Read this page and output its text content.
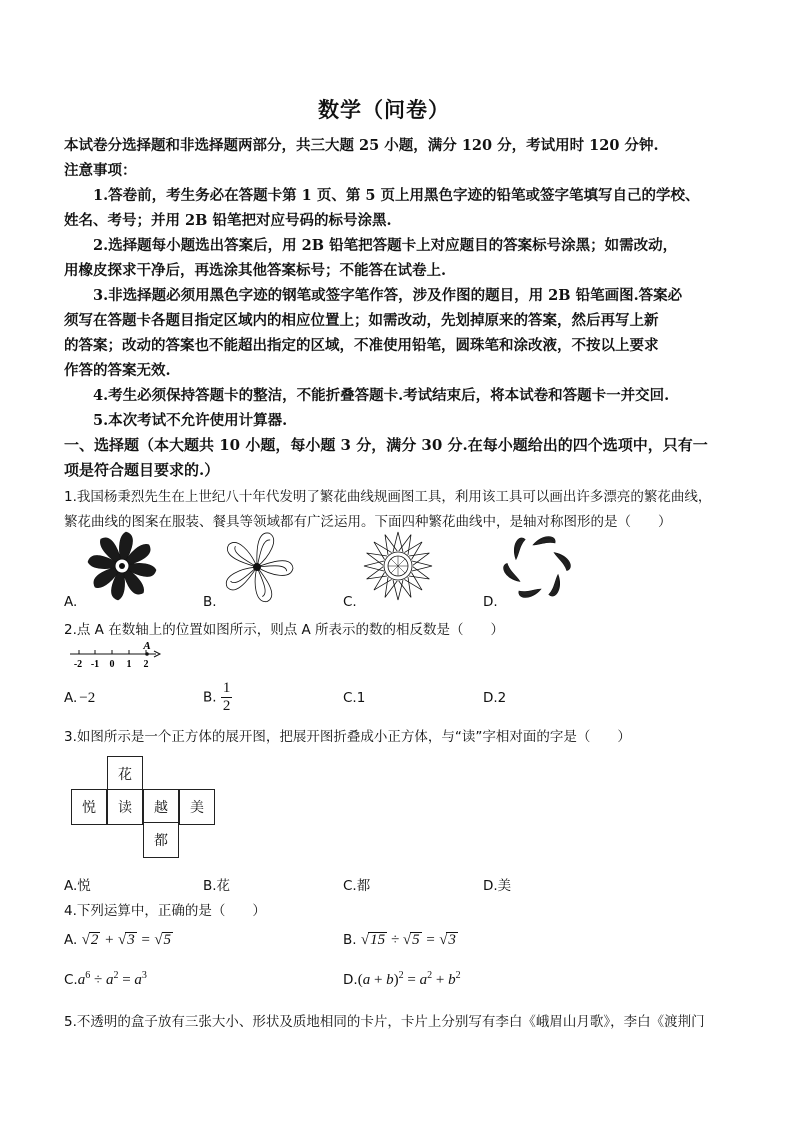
数学（问卷）
本试卷分选择题和非选择题两部分，共三大题 25 小题，满分 120 分，考试用时 120 分钟.
注意事项：
1.答卷前，考生务必在答题卡第 1 页、第 5 页上用黑色字迹的铅笔或签字笔填写自己的学校、
姓名、考号；并用 2B 铅笔把对应号码的标号涂黑.
2.选择题每小题选出答案后，用 2B 铅笔把答题卡上对应题目的答案标号涂黑；如需改动，
用橡皮探求干净后，再选涂其他答案标号；不能答在试卷上.
3.非选择题必须用黑色字迹的钢笔或签字笔作答，涉及作图的题目，用 2B 铅笔画图.答案必
须写在答题卡各题目指定区域内的相应位置上；如需改动，先划掉原来的答案，然后再写上新
的答案；改动的答案也不能超出指定的区域，不准使用铅笔，圆珠笔和涂改液，不按以上要求
作答的答案无效.
4.考生必须保持答题卡的整洁，不能折叠答题卡.考试结束后，将本试卷和答题卡一并交回.
5.本次考试不允许使用计算器.
一、选择题（本大题共 10 小题，每小题 3 分，满分 30 分.在每小题给出的四个选项中，只有一
项是符合题目要求的.）
1.我国杨秉烈先生在上世纪八十年代发明了繁花曲线规画图工具，利用该工具可以画出许多漂亮的繁花曲线，
繁花曲线的图案在服装、餐具等领域都有广泛运用。下面四种繁花曲线中，是轴对称图形的是（　　）
A.	B.	C.	D.
2.点 A 在数轴上的位置如图所示，则点 A 所表示的数的相反数是（　　）
A
-2 -1 0 1 2
A. −2	B. $\frac{1}{2}$	C.1	D.2
3.如图所示是一个正方体的展开图，把展开图折叠成小正方体，与“读”字相对面的字是（　　）
花
悦	读	越	美
都
A.悦	B.花	C.都	D.美
4.下列运算中，正确的是（　　）
A. √2 + √3 = √5	B. √15 ÷ √5 = √3
$C.a^6 \div a^2 = a^3$	$D.(a + b)^2 = a^2 + b^2$
5.不透明的盒子放有三张大小、形状及质地相同的卡片，卡片上分别写有李白《峨眉山月歌》，李白《渡荆门
